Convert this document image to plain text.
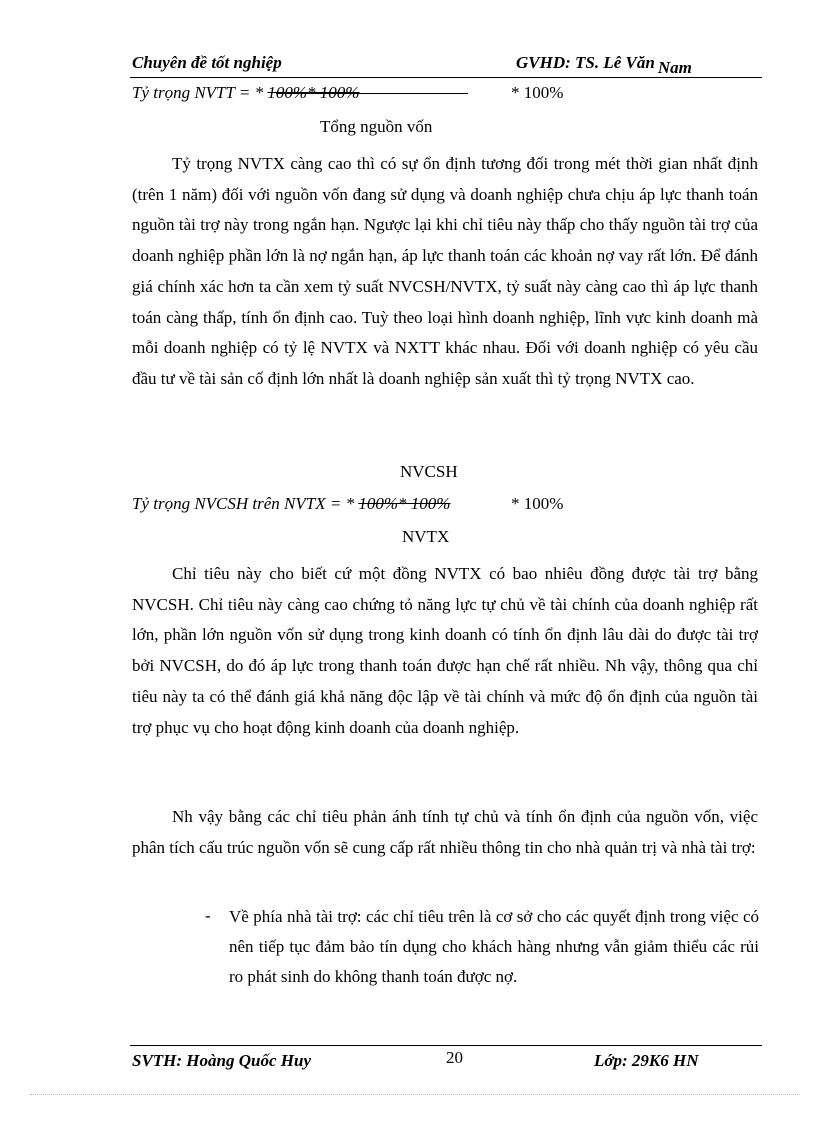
Chuyên đề tốt nghiệp	GVHD: TS. Lê Văn Nam
Tỷ trọng NVTT = * 100%* 100%	* 100%
Tổng nguồn vốn

Tỷ trọng NVTX càng cao thì có sự ổn định tương đối trong mét thời gian nhất định (trên 1 năm) đối với nguồn vốn đang sử dụng và doanh nghiệp chưa chịu áp lực thanh toán nguồn tài trợ này trong ngắn hạn. Ngược lại khi chỉ tiêu này thấp cho thấy nguồn tài trợ của doanh nghiệp phần lớn là nợ ngắn hạn, áp lực thanh toán các khoản nợ vay rất lớn. Để đánh giá chính xác hơn ta cần xem tỷ suất NVCSH/NVTX, tỷ suất này càng cao thì áp lực thanh toán càng thấp, tính ổn định cao. Tuỳ theo loại hình doanh nghiệp, lĩnh vực kinh doanh mà mỗi doanh nghiệp có tỷ lệ NVTX và NXTT khác nhau. Đối với doanh nghiệp có yêu cầu đầu tư về tài sản cố định lớn nhất là doanh nghiệp sản xuất thì tỷ trọng NVTX cao.

NVCSH
Tỷ trọng NVCSH trên NVTX = * 100%* 100%	* 100%
NVTX

Chỉ tiêu này cho biết cứ một đồng NVTX có bao nhiêu đồng được tài trợ bằng NVCSH. Chỉ tiêu này càng cao chứng tỏ năng lực tự chủ về tài chính của doanh nghiệp rất lớn, phần lớn nguồn vốn sử dụng trong kinh doanh có tính ổn định lâu dài do được tài trợ bởi NVCSH, do đó áp lực trong thanh toán được hạn chế rất nhiều. Nh vậy, thông qua chỉ tiêu này ta có thể đánh giá khả năng độc lập về tài chính và mức độ ổn định của nguồn tài trợ phục vụ cho hoạt động kinh doanh của doanh nghiệp.

Nh vậy bằng các chỉ tiêu phản ánh tính tự chủ và tính ổn định của nguồn vốn, việc phân tích cấu trúc nguồn vốn sẽ cung cấp rất nhiều thông tin cho nhà quản trị và nhà tài trợ:

- Về phía nhà tài trợ: các chỉ tiêu trên là cơ sở cho các quyết định trong việc có nên tiếp tục đảm bảo tín dụng cho khách hàng nhưng vẫn giảm thiểu các rủi ro phát sinh do không thanh toán được nợ.

SVTH: Hoàng Quốc Huy	20	Lớp: 29K6 HN
